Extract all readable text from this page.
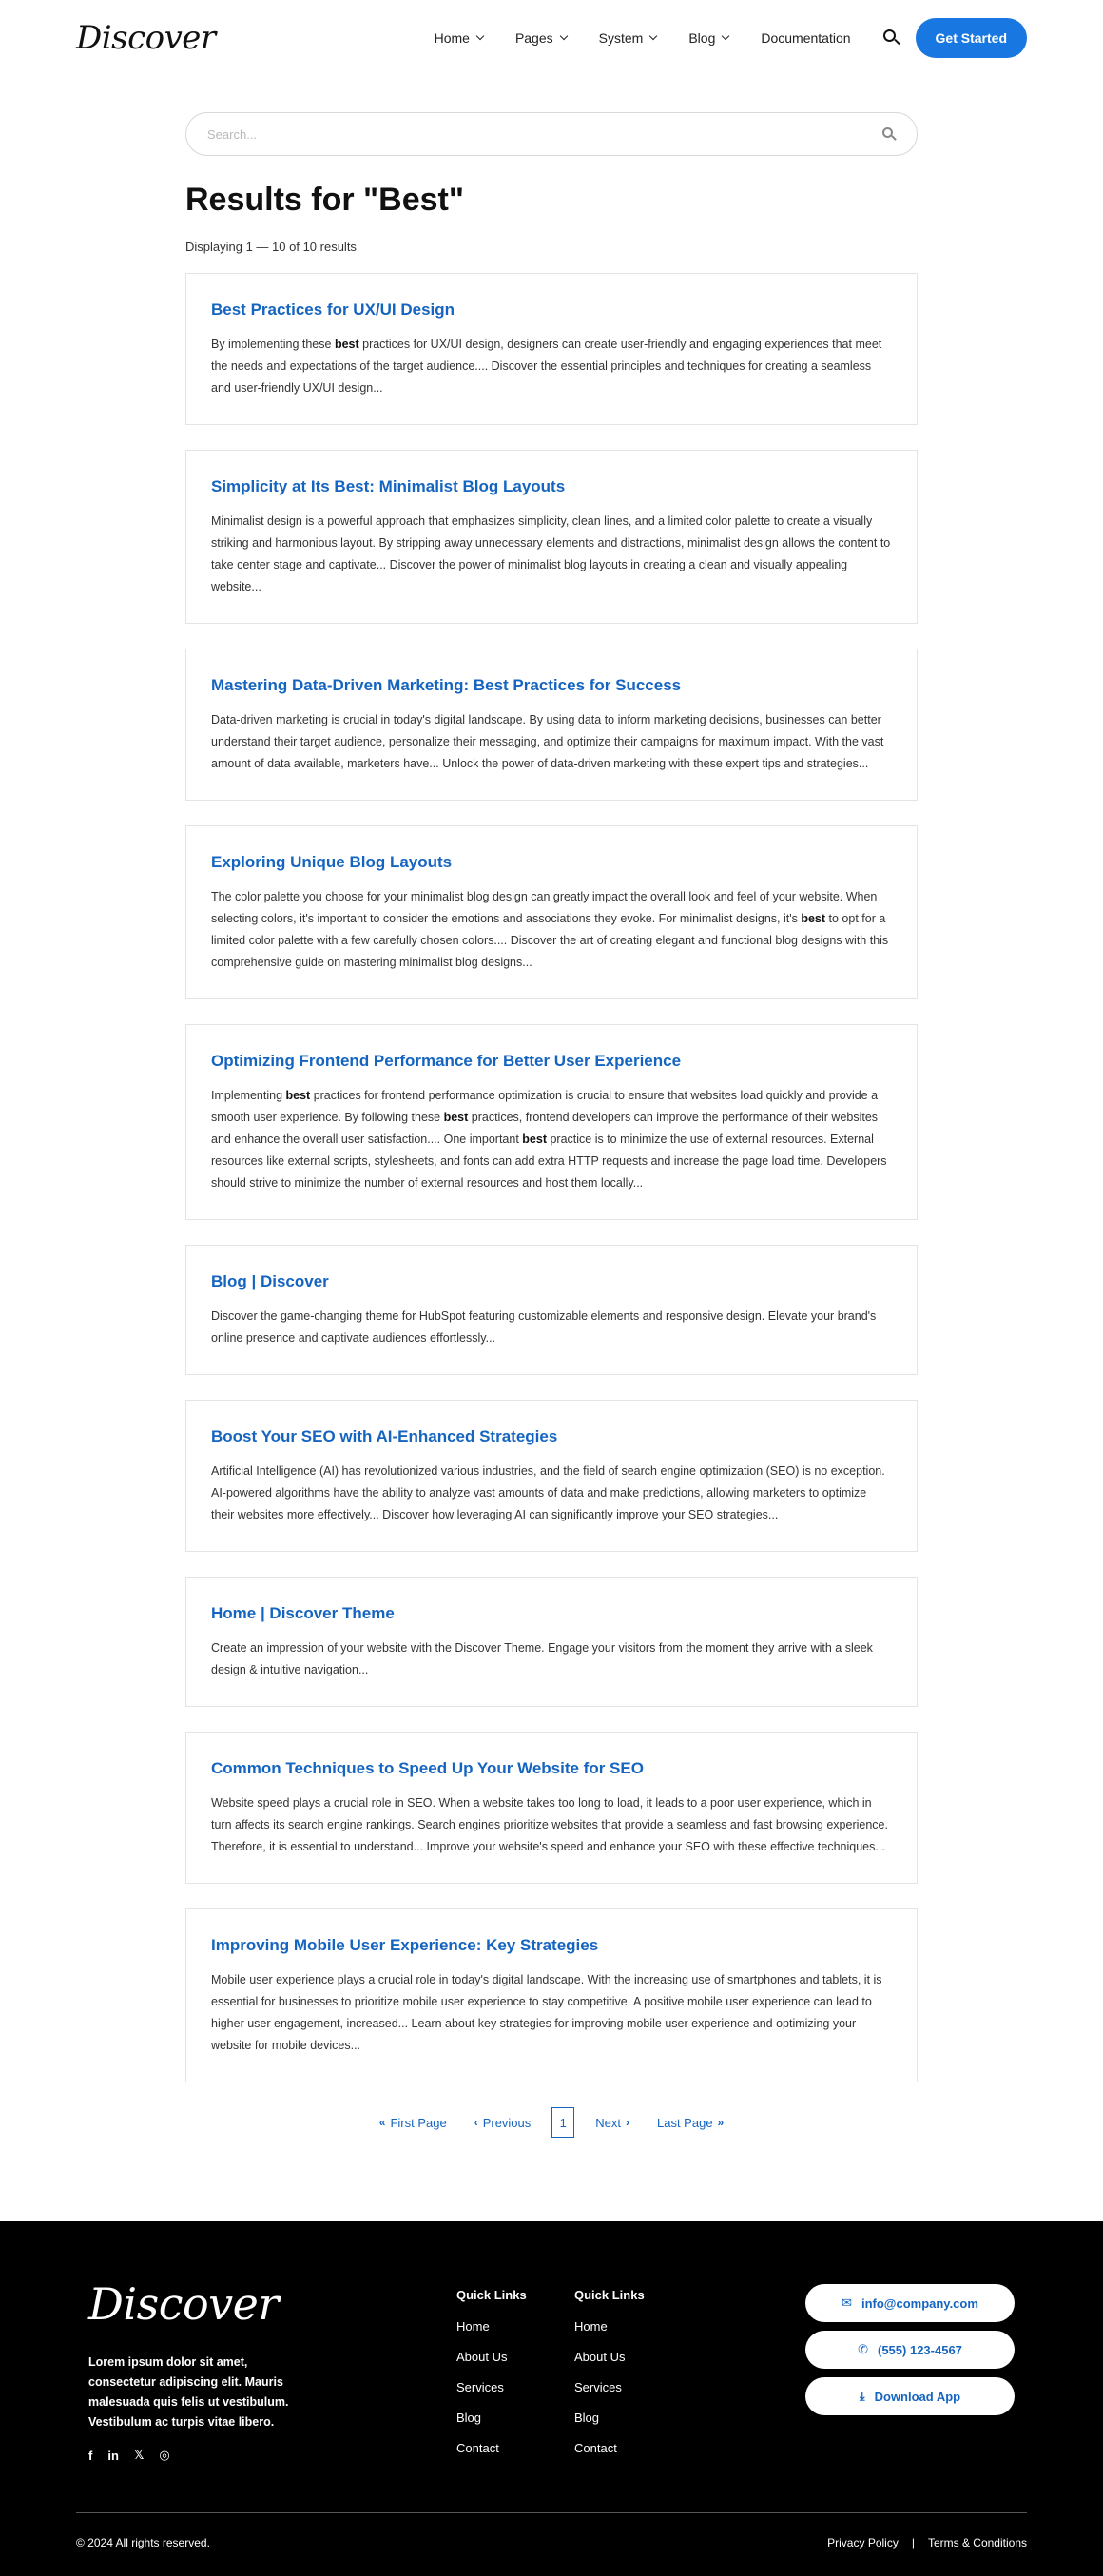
Discover	Home	Pages	System	Blog	Documentation	Get Started
Search...
Results for "Best"

Displaying 1 — 10 of 10 results

Best Practices for UX/UI Design

By implementing these best practices for UX/UI design, designers can create user-friendly and engaging experiences that meet the needs and expectations of the target audience.... Discover the essential principles and techniques for creating a seamless and user-friendly UX/UI design...

Simplicity at Its Best: Minimalist Blog Layouts

Minimalist design is a powerful approach that emphasizes simplicity, clean lines, and a limited color palette to create a visually striking and harmonious layout. By stripping away unnecessary elements and distractions, minimalist design allows the content to take center stage and captivate... Discover the power of minimalist blog layouts in creating a clean and visually appealing website...

Mastering Data-Driven Marketing: Best Practices for Success

Data-driven marketing is crucial in today's digital landscape. By using data to inform marketing decisions, businesses can better understand their target audience, personalize their messaging, and optimize their campaigns for maximum impact. With the vast amount of data available, marketers have... Unlock the power of data-driven marketing with these expert tips and strategies...

Exploring Unique Blog Layouts

The color palette you choose for your minimalist blog design can greatly impact the overall look and feel of your website. When selecting colors, it's important to consider the emotions and associations they evoke. For minimalist designs, it's best to opt for a limited color palette with a few carefully chosen colors.... Discover the art of creating elegant and functional blog designs with this comprehensive guide on mastering minimalist blog designs...

Optimizing Frontend Performance for Better User Experience

Implementing best practices for frontend performance optimization is crucial to ensure that websites load quickly and provide a smooth user experience. By following these best practices, frontend developers can improve the performance of their websites and enhance the overall user satisfaction.... One important best practice is to minimize the use of external resources. External resources like external scripts, stylesheets, and fonts can add extra HTTP requests and increase the page load time. Developers should strive to minimize the number of external resources and host them locally...

Blog | Discover

Discover the game-changing theme for HubSpot featuring customizable elements and responsive design. Elevate your brand's online presence and captivate audiences effortlessly...

Boost Your SEO with AI-Enhanced Strategies

Artificial Intelligence (AI) has revolutionized various industries, and the field of search engine optimization (SEO) is no exception. AI-powered algorithms have the ability to analyze vast amounts of data and make predictions, allowing marketers to optimize their websites more effectively... Discover how leveraging AI can significantly improve your SEO strategies...

Home | Discover Theme

Create an impression of your website with the Discover Theme. Engage your visitors from the moment they arrive with a sleek design & intuitive navigation...

Common Techniques to Speed Up Your Website for SEO

Website speed plays a crucial role in SEO. When a website takes too long to load, it leads to a poor user experience, which in turn affects its search engine rankings. Search engines prioritize websites that provide a seamless and fast browsing experience. Therefore, it is essential to understand... Improve your website's speed and enhance your SEO with these effective techniques...

Improving Mobile User Experience: Key Strategies

Mobile user experience plays a crucial role in today's digital landscape. With the increasing use of smartphones and tablets, it is essential for businesses to prioritize mobile user experience to stay competitive. A positive mobile user experience can lead to higher user engagement, increased... Learn about key strategies for improving mobile user experience and optimizing your website for mobile devices...

« First Page ‹ Previous	1	Next › Last Page »
Discover

Lorem ipsum dolor sit amet, consectetur adipiscing elit. Mauris malesuada quis felis ut vestibulum. Vestibulum ac turpis vitae libero.

f in 𝕏 ◎
Quick Links
Home
About Us
Services
Blog
Contact
Quick Links
Home
About Us
Services
Blog
Contact
✉ info@company.com
✆ (555) 123-4567
⤓ Download App
© 2024 All rights reserved.	Privacy Policy | Terms & Conditions
